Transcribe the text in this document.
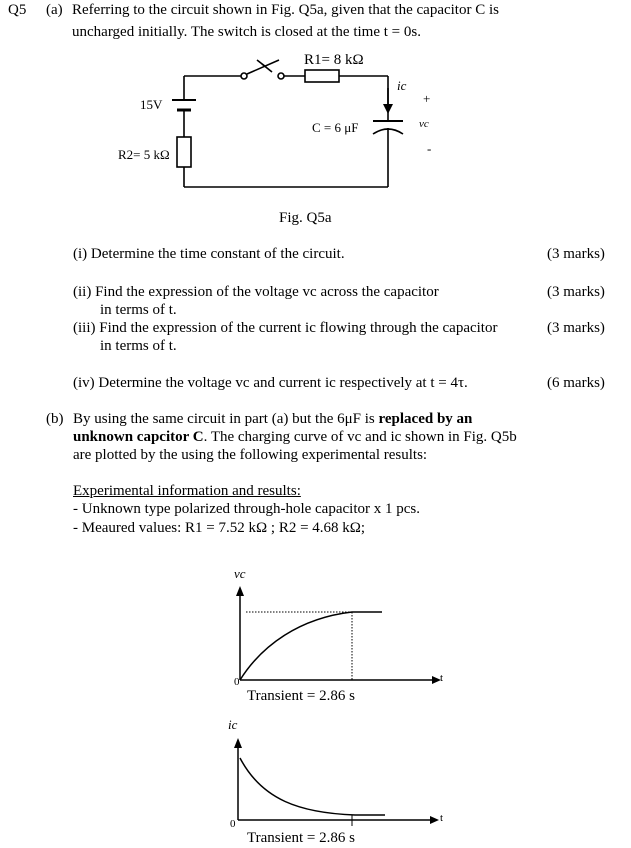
Q5 (a) Referring to the circuit shown in Fig. Q5a, given that the capacitor C is
uncharged initially. The switch is closed at the time t = 0s.
R1= 8 kΩ
ic
+
vc
-
15V
C = 6 μF
R2= 5 kΩ
Fig. Q5a
(i) Determine the time constant of the circuit.	(3 marks)
(ii) Find the expression of the voltage vc across the capacitor
in terms of t.
(3 marks)
(iii) Find the expression of the current ic flowing through the capacitor
in terms of t.
(3 marks)
(iv) Determine the voltage vc and current ic respectively at t = 4τ.	(6 marks)
(b) By using the same circuit in part (a) but the 6μF is replaced by an
unknown capcitor C. The charging curve of vc and ic shown in Fig. Q5b
are plotted by the using the following experimental results:
Experimental information and results:
- Unknown type polarized through-hole capacitor x 1 pcs.
- Meaured values: R1 = 7.52 kΩ ; R2 = 4.68 kΩ;
vc
0	t
Transient = 2.86 s
ic
0	t
Transient = 2.86 s
